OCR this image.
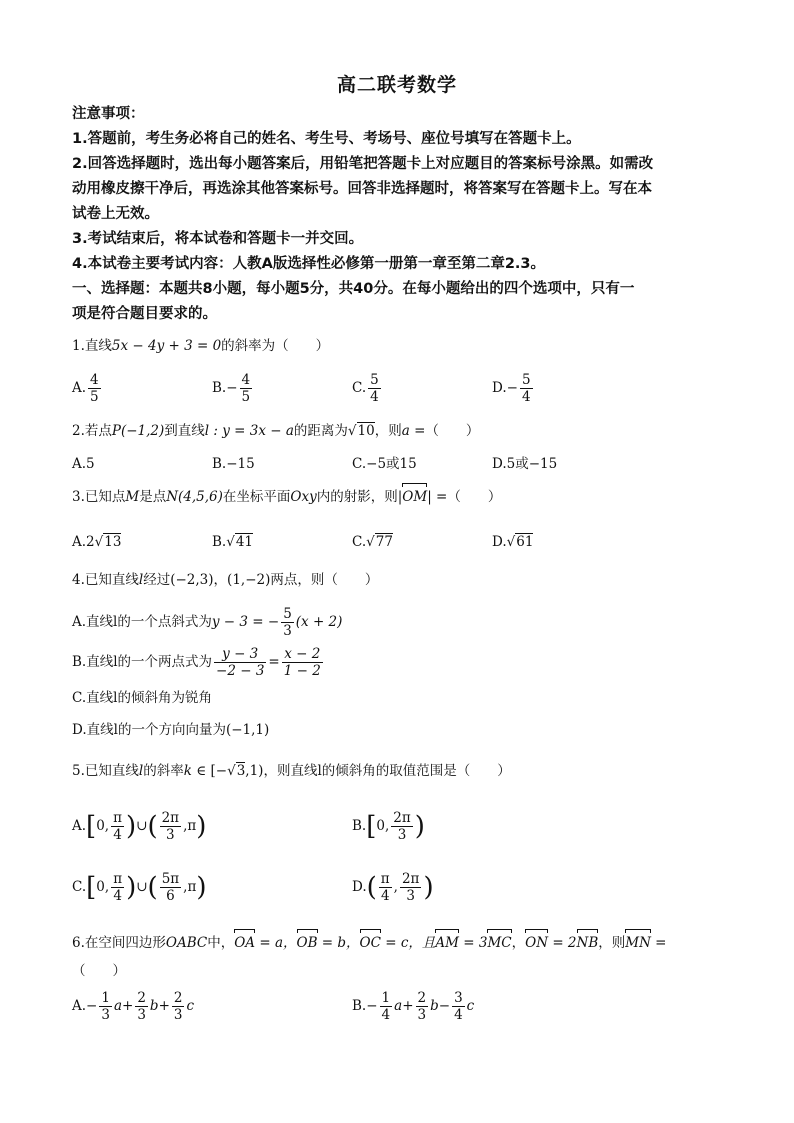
高二联考数学
注意事项：
1.答题前，考生务必将自己的姓名、考生号、考场号、座位号填写在答题卡上。
2.回答选择题时，选出每小题答案后，用铅笔把答题卡上对应题目的答案标号涂黑。如需改
动用橡皮擦干净后，再选涂其他答案标号。回答非选择题时，将答案写在答题卡上。写在本
试卷上无效。
3.考试结束后，将本试卷和答题卡一并交回。
4.本试卷主要考试内容：人教A版选择性必修第一册第一章至第二章2.3。
一、选择题：本题共8小题，每小题5分，共40分。在每小题给出的四个选项中，只有一
项是符合题目要求的。
1.直线5x − 4y + 3 = 0的斜率为（　　）
A. $\frac{4}{5}$	$B.- \frac{4}{5}$	C. $\frac{5}{4}$	$D.- \frac{5}{4}$
2.若点P(−1,2)到直线l : y = 3x − a的距离为√10，则a =（　　）
A.5	B.−15	C.−5或15	D.5或−15
3.已知点M是点N(4,5,6)在坐标平面Oxy内的射影，则|OM| =（　　）
A.2√13	B.√41	C.√77	D.√61
4.已知直线l经过(−2,3)，(1,−2)两点，则（　　）
A.直线l的一个点斜式为y − 3 = − $\frac{5}{3} (x + 2)$
B.直线l的一个两点式为 $\frac{y - 3}{-2 - 3} = \frac{x - 2}{1 - 2}$
C.直线l的倾斜角为锐角
D.直线l的一个方向向量为(−1,1)
5.已知直线l的斜率k ∈ [−√3,1)，则直线l的倾斜角的取值范围是（　　）
A.[0, $\frac{\pi}{4}$ )∪( $\frac{2\pi}{3} ,\pi$)	B.[0, $\frac{2\pi}{3}$ )
C.[0, $\frac{\pi}{4}$ )∪( $\frac{5\pi}{6} ,\pi$)	$D.( \frac{\pi}{4}$ , $\frac{2\pi}{3}$ )
6.在空间四边形OABC中，OA = a，OB = b，OC = c，且AM = 3MC，ON = 2NB，则MN =
（　　）
$A.- \frac{1}{3} a+ \frac{2}{3} b+ \frac{2}{3}$ c	$B.- \frac{1}{4} a+ \frac{2}{3} b- \frac{3}{4}$ c
